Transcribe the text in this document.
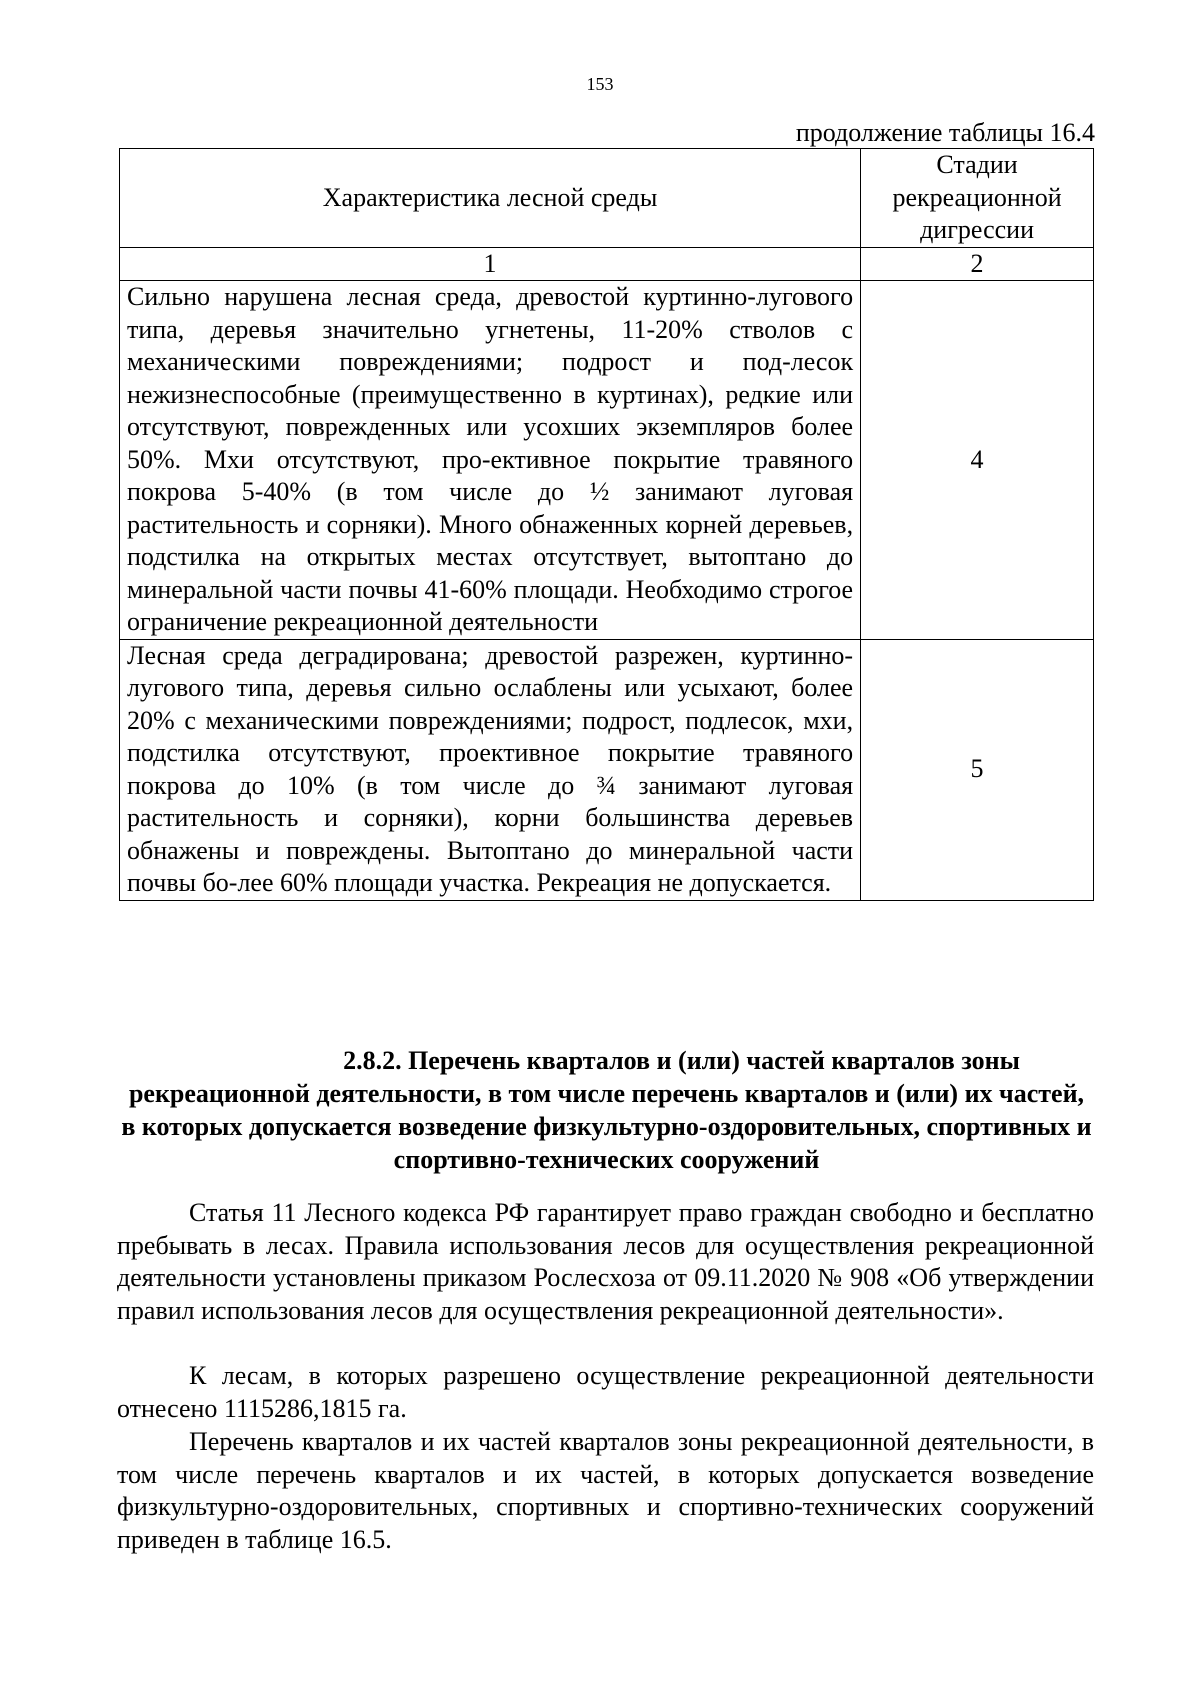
153
продолжение таблицы 16.4
Характеристика лесной среды	Стадии рекреационной дигрессии
1	2
Сильно нарушена лесная среда, древостой куртинно-лугового типа, деревья значительно угнетены, 11-20% стволов с механическими повреждениями; подрост и под-лесок нежизнеспособные (преимущественно в куртинах), редкие или отсутствуют, поврежденных или усохших экземпляров более 50%. Мхи отсутствуют, про-ективное покрытие травяного покрова 5-40% (в том числе до ½ занимают луговая растительность и сорняки). Много обнаженных корней деревьев, подстилка на открытых местах отсутствует, вытоптано до минеральной части почвы 41-60% площади. Необходимо строгое ограничение рекреационной деятельности	4
Лесная среда деградирована; древостой разрежен, куртинно-лугового типа, деревья сильно ослаблены или усыхают, более 20% с механическими повреждениями; подрост, подлесок, мхи, подстилка отсутствуют, проективное покрытие травяного покрова до 10% (в том числе до ¾ занимают луговая растительность и сорняки), корни большинства деревьев обнажены и повреждены. Вытоптано до минеральной части почвы бо-лее 60% площади участка. Рекреация не допускается.	5
2.8.2. Перечень кварталов и (или) частей кварталов зоны рекреационной деятельности, в том числе перечень кварталов и (или) их частей, в которых допускается возведение физкультурно-оздоровительных, спортивных и спортивно-технических сооружений

Статья 11 Лесного кодекса РФ гарантирует право граждан свободно и бесплатно пребывать в лесах. Правила использования лесов для осуществления рекреационной деятельности установлены приказом Рослесхоза от 09.11.2020 № 908 «Об утверждении правил использования лесов для осуществления рекреационной деятельности».

К лесам, в которых разрешено осуществление рекреационной деятельности отнесено 1115286,1815 га.

Перечень кварталов и их частей кварталов зоны рекреационной деятельности, в том числе перечень кварталов и их частей, в которых допускается возведение физкультурно-оздоровительных, спортивных и спортивно-технических сооружений приведен в таблице 16.5.
